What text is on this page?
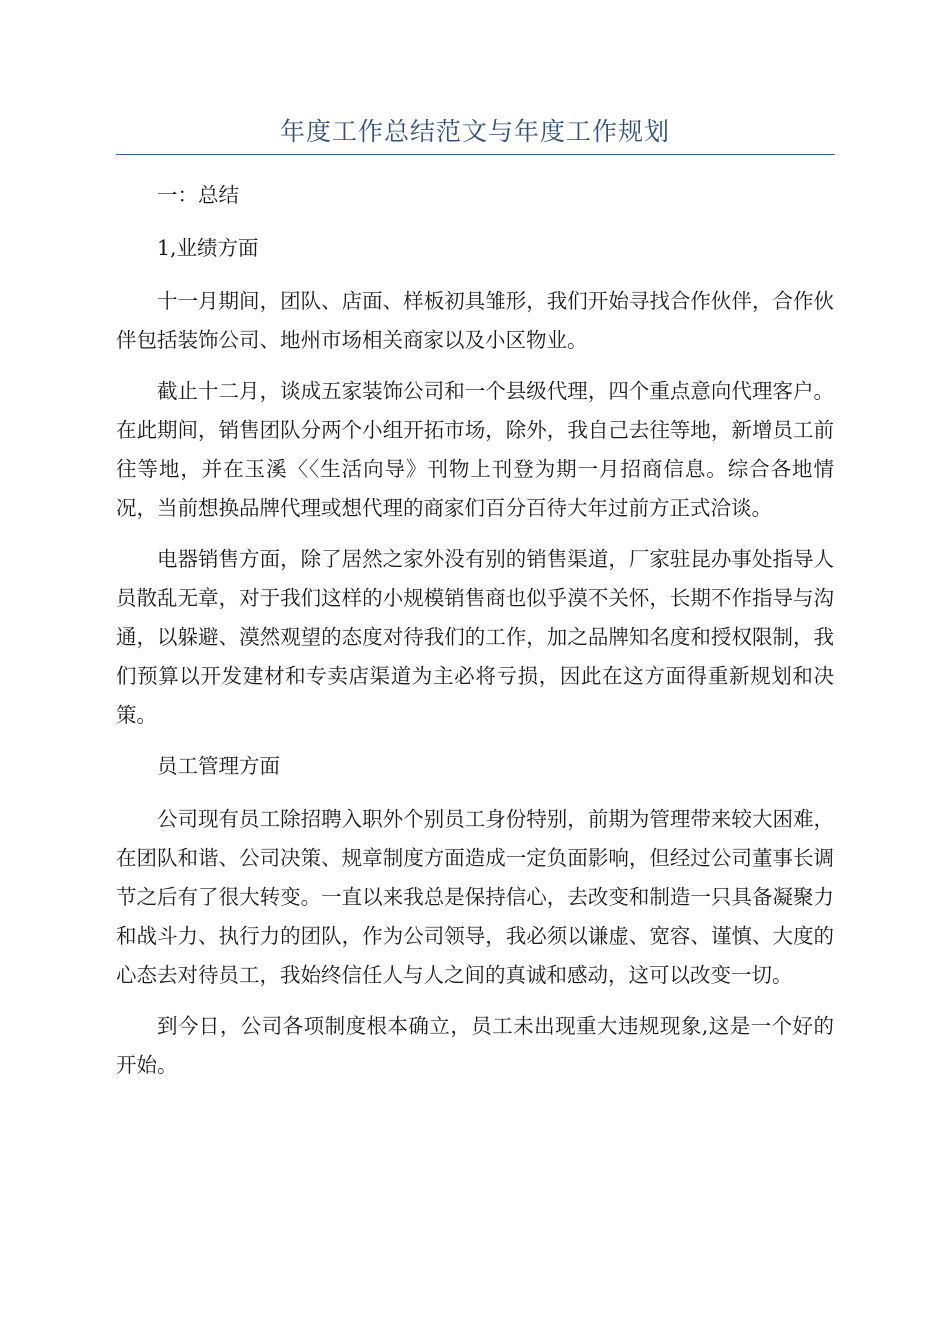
年度工作总结范文与年度工作规划

一：总结

1,业绩方面

十一月期间，团队、店面、样板初具雏形，我们开始寻找合作伙伴，合作伙伴包括装饰公司、地州市场相关商家以及小区物业。

截止十二月，谈成五家装饰公司和一个县级代理，四个重点意向代理客户。在此期间，销售团队分两个小组开拓市场，除外，我自己去往等地，新增员工前往等地，并在玉溪〈〈生活向导》刊物上刊登为期一月招商信息。综合各地情况，当前想换品牌代理或想代理的商家们百分百待大年过前方正式洽谈。

电器销售方面，除了居然之家外没有别的销售渠道，厂家驻昆办事处指导人员散乱无章，对于我们这样的小规模销售商也似乎漠不关怀，长期不作指导与沟通，以躲避、漠然观望的态度对待我们的工作，加之品牌知名度和授权限制，我们预算以开发建材和专卖店渠道为主必将亏损，因此在这方面得重新规划和决策。

员工管理方面

公司现有员工除招聘入职外个别员工身份特别，前期为管理带来较大困难，在团队和谐、公司决策、规章制度方面造成一定负面影响，但经过公司董事长调节之后有了很大转变。一直以来我总是保持信心，去改变和制造一只具备凝聚力和战斗力、执行力的团队，作为公司领导，我必须以谦虚、宽容、谨慎、大度的心态去对待员工，我始终信任人与人之间的真诚和感动，这可以改变一切。

到今日，公司各项制度根本确立，员工未出现重大违规现象,这是一个好的开始。
